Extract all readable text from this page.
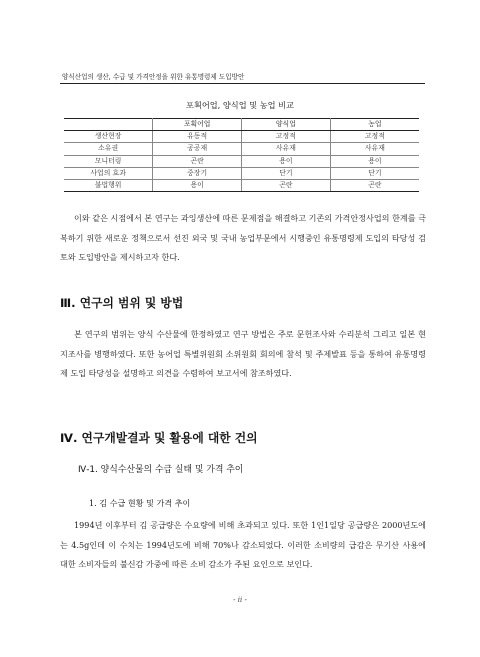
양식산업의 생산, 수급 및 가격안정을 위한 유통명령제 도입방안
포획어업, 양식업 및 농업 비교
	포획어업	양식업	농업
생산현장	유동적	고정적	고정적
소유권	공공재	사유재	사유재
모니터링	곤란	용이	용이
사업의 효과	중장기	단기	단기
불법행위	용이	곤란	곤란

이와 같은 시점에서 본 연구는 과잉생산에 따른 문제점을 해결하고 기존의 가격안정사업의 한계를 극복하기 위한 새로운 정책으로서 선진 외국 및 국내 농업부문에서 시행중인 유통명령제 도입의 타당성 검토와 도입방안을 제시하고자 한다.

Ⅲ. 연구의 범위 및 방법

본 연구의 범위는 양식 수산물에 한정하였고 연구 방법은 주로 문헌조사와 수리분석 그리고 일본 현지조사를 병행하였다. 또한 농어업 특별위원회 소위원회 회의에 참석 및 주제발표 등을 통하여 유통명령제 도입 타당성을 설명하고 의견을 수렴하여 보고서에 참조하였다.

Ⅳ. 연구개발결과 및 활용에 대한 건의
Ⅳ-1. 양식수산물의 수급 실태 및 가격 추이
1. 김 수급 현황 및 가격 추이

1994년 이후부터 김 공급량은 수요량에 비해 초과되고 있다. 또한 1인1일당 공급량은 2000년도에는 4.5g인데 이 수치는 1994년도에 비해 70%나 감소되었다. 이러한 소비량의 급감은 무기산 사용에 대한 소비자들의 불신감 가중에 따른 소비 감소가 주된 요인으로 보인다.

- ii -
